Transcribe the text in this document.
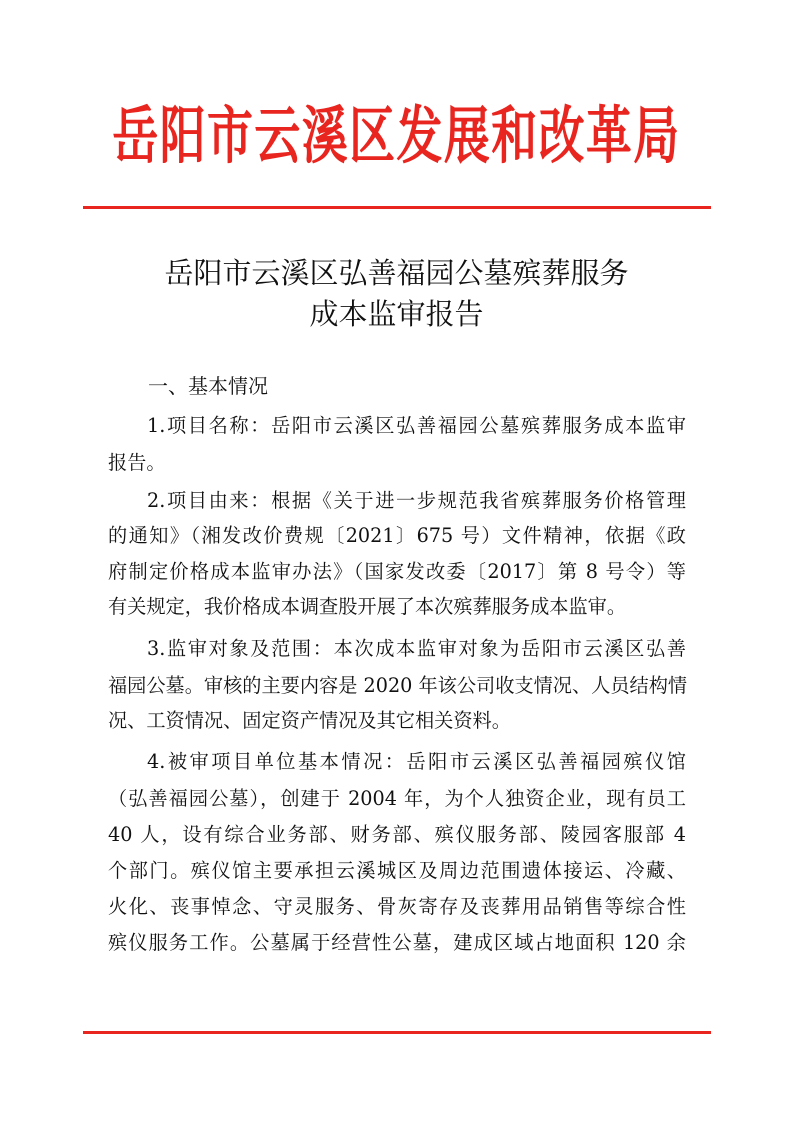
岳阳市云溪区发展和改革局
岳阳市云溪区弘善福园公墓殡葬服务
成本监审报告
一、基本情况
1.项目名称：岳阳市云溪区弘善福园公墓殡葬服务成本监审
报告。
2.项目由来：根据《关于进一步规范我省殡葬服务价格管理
的通知》（湘发改价费规〔2021〕675 号）文件精神，依据《政
府制定价格成本监审办法》（国家发改委〔2017〕第 8 号令）等
有关规定，我价格成本调查股开展了本次殡葬服务成本监审。
3.监审对象及范围：本次成本监审对象为岳阳市云溪区弘善
福园公墓。审核的主要内容是 2020 年该公司收支情况、人员结构情
况、工资情况、固定资产情况及其它相关资料。
4.被审项目单位基本情况：岳阳市云溪区弘善福园殡仪馆
（弘善福园公墓），创建于 2004 年，为个人独资企业，现有员工
40 人，设有综合业务部、财务部、殡仪服务部、陵园客服部 4
个部门。殡仪馆主要承担云溪城区及周边范围遗体接运、冷藏、
火化、丧事悼念、守灵服务、骨灰寄存及丧葬用品销售等综合性
殡仪服务工作。公墓属于经营性公墓，建成区域占地面积 120 余
